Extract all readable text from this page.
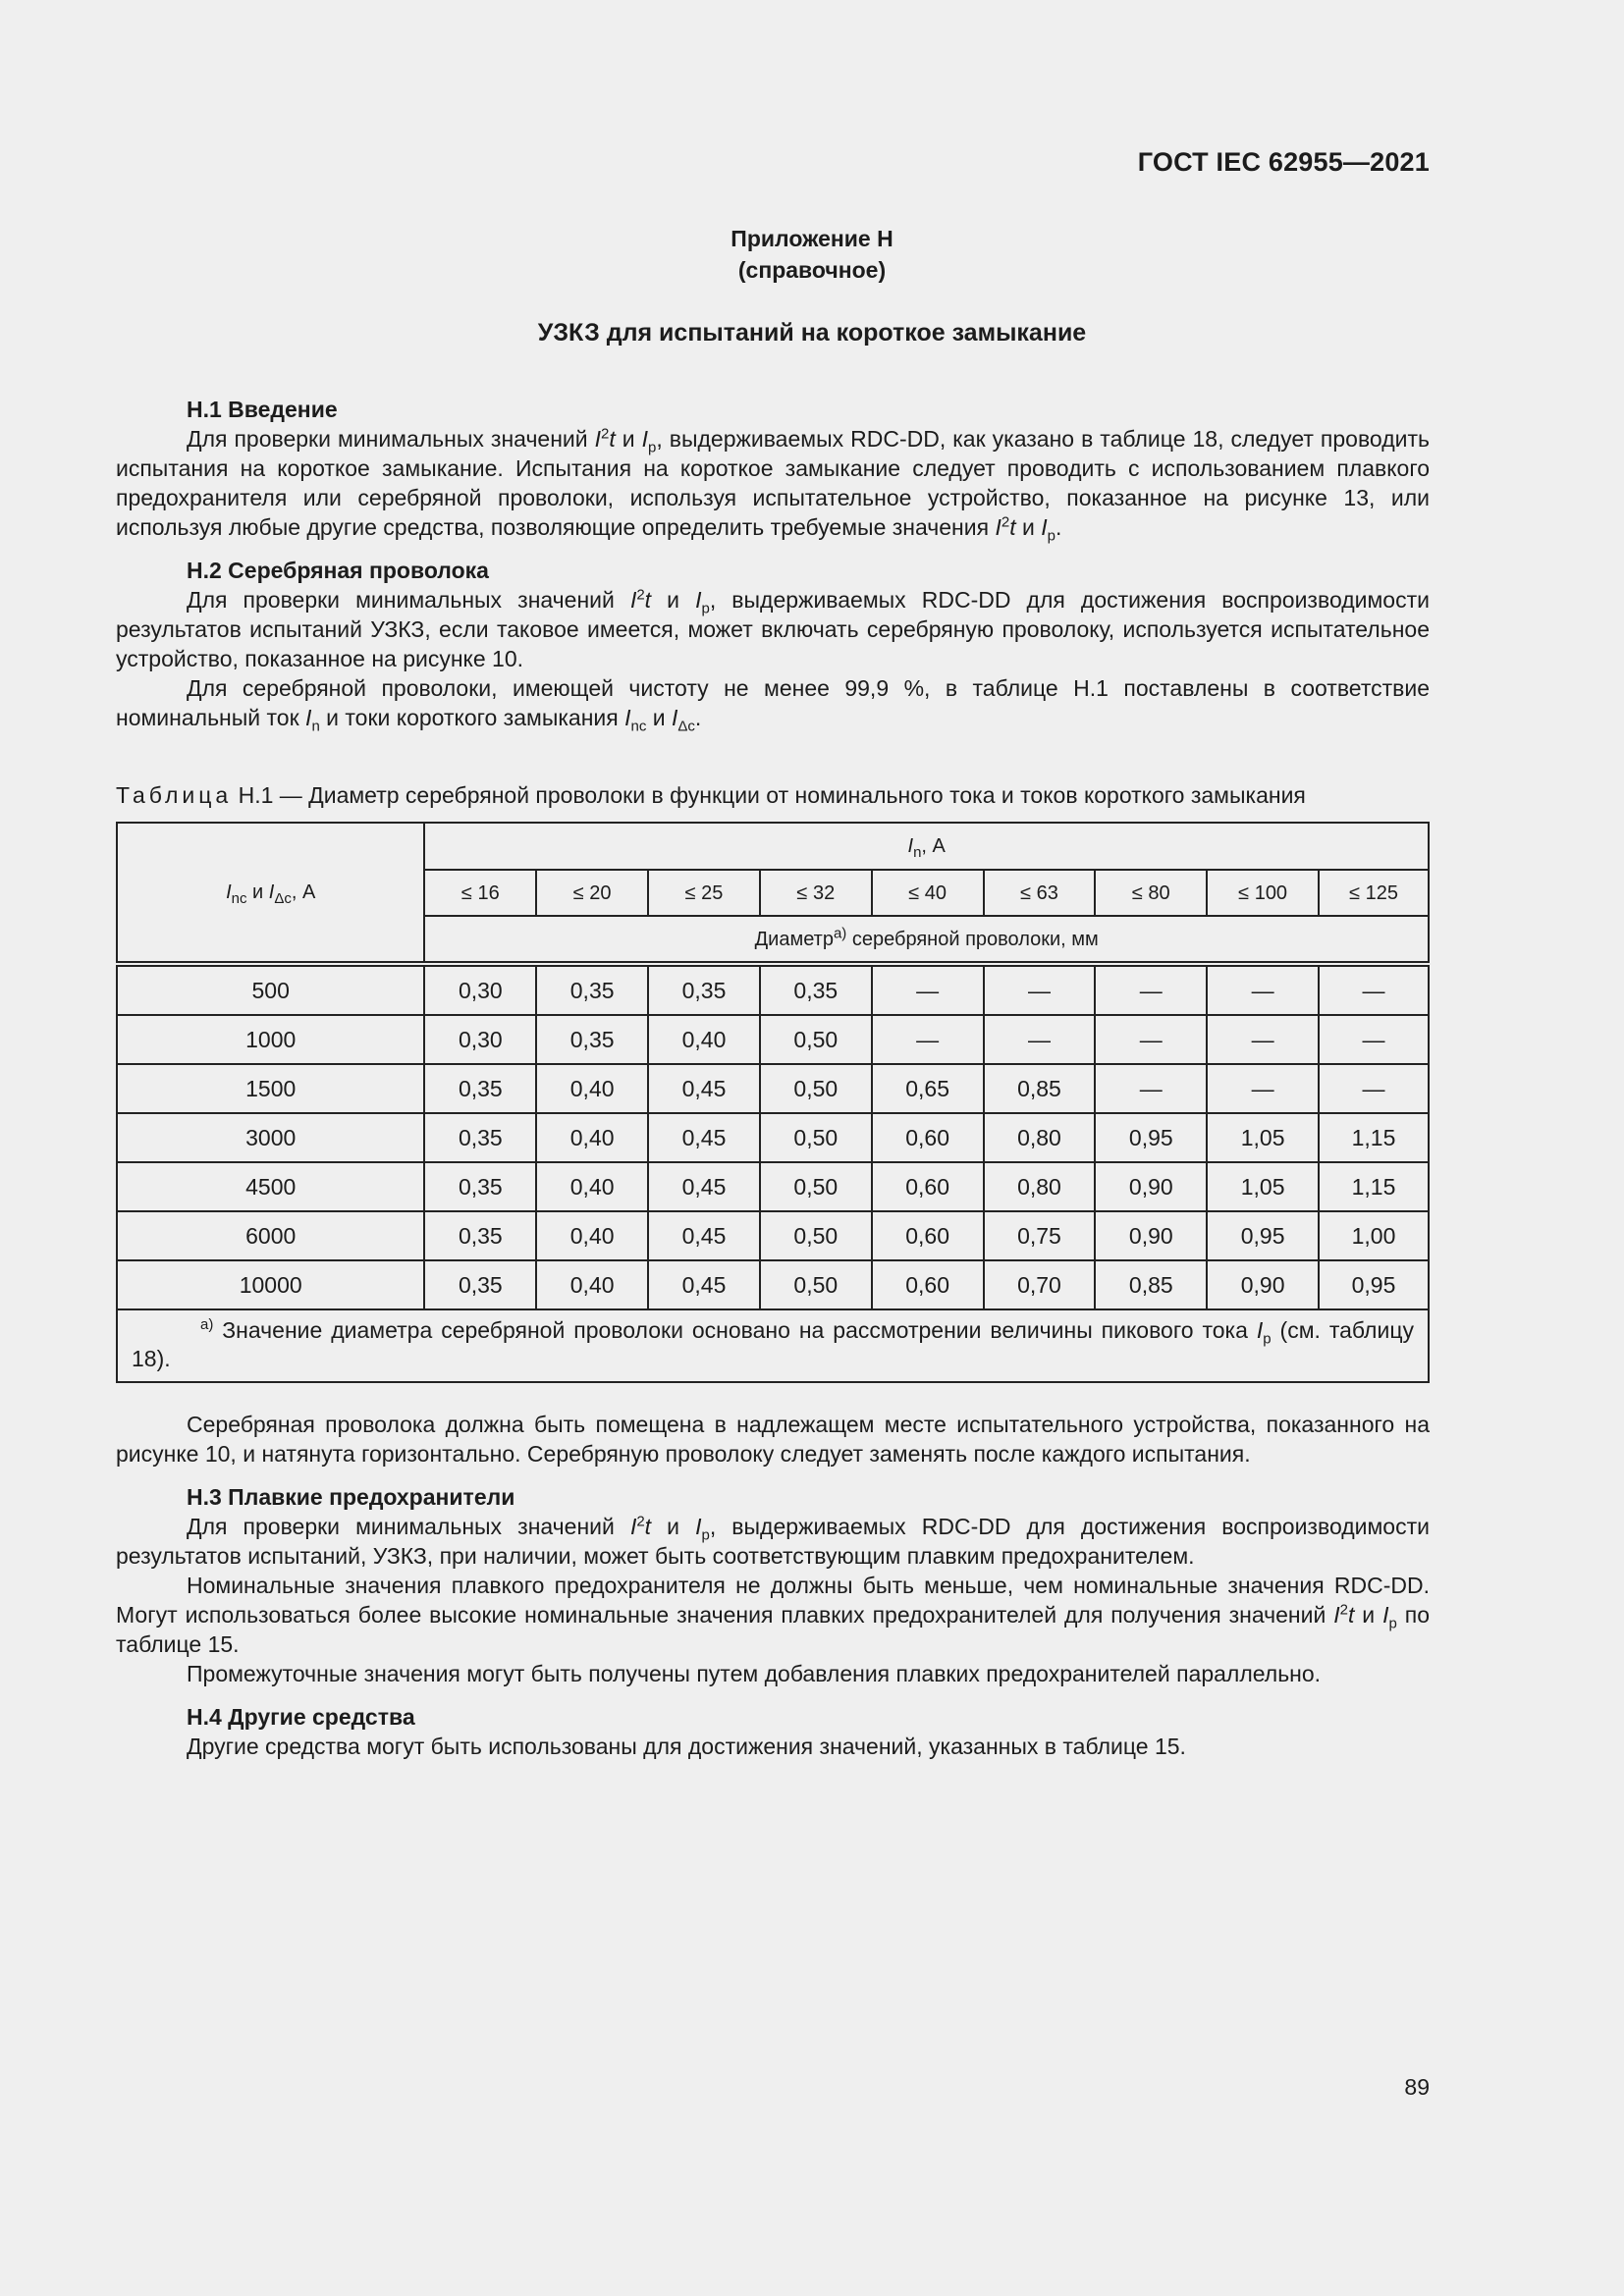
ГОСТ IEC 62955—2021
Приложение H
(справочное)
УЗКЗ для испытаний на короткое замыкание
H.1 Введение

Для проверки минимальных значений $I^2t$ и $I_p$, выдерживаемых RDC-DD, как указано в таблице 18, следует проводить испытания на короткое замыкание. Испытания на короткое замыкание следует проводить с использованием плавкого предохранителя или серебряной проволоки, используя испытательное устройство, показанное на рисунке 13, или используя любые другие средства, позволяющие определить требуемые значения $I^2t$ и $I_p$.

H.2 Серебряная проволока

Для проверки минимальных значений $I^2t$ и $I_p$, выдерживаемых RDC-DD для достижения воспроизводимости результатов испытаний УЗКЗ, если таковое имеется, может включать серебряную проволоку, используется испытательное устройство, показанное на рисунке 10.

Для серебряной проволоки, имеющей чистоту не менее 99,9 %, в таблице H.1 поставлены в соответствие номинальный ток $I_n$ и токи короткого замыкания $I_{nc}$ и $I_{\Delta c}$.

Таблица H.1 — Диаметр серебряной проволоки в функции от номинального тока и токов короткого замыкания
$I_{nc}$ и $I_{\Delta c}$, А	$I_n$, А								
	≤ 16	≤ 20	≤ 25	≤ 32	≤ 40	≤ 63	≤ 80	≤ 100	≤ 125
	Диаметр$^{а)}$ серебряной проволоки, мм								
500	0,30	0,35	0,35	0,35	—	—	—	—	—
1000	0,30	0,35	0,40	0,50	—	—	—	—	—
1500	0,35	0,40	0,45	0,50	0,65	0,85	—	—	—
3000	0,35	0,40	0,45	0,50	0,60	0,80	0,95	1,05	1,15
4500	0,35	0,40	0,45	0,50	0,60	0,80	0,90	1,05	1,15
6000	0,35	0,40	0,45	0,50	0,60	0,75	0,90	0,95	1,00
10000	0,35	0,40	0,45	0,50	0,60	0,70	0,85	0,90	0,95
$^{а)}$ Значение диаметра серебряной проволоки основано на рассмотрении величины пикового тока $I_p$ (см. таблицу 18).									

Серебряная проволока должна быть помещена в надлежащем месте испытательного устройства, показанного на рисунке 10, и натянута горизонтально. Серебряную проволоку следует заменять после каждого испытания.

H.3 Плавкие предохранители

Для проверки минимальных значений $I^2t$ и $I_p$, выдерживаемых RDC-DD для достижения воспроизводимости результатов испытаний, УЗКЗ, при наличии, может быть соответствующим плавким предохранителем.

Номинальные значения плавкого предохранителя не должны быть меньше, чем номинальные значения RDC-DD. Могут использоваться более высокие номинальные значения плавких предохранителей для получения значений $I^2t$ и $I_p$ по таблице 15.

Промежуточные значения могут быть получены путем добавления плавких предохранителей параллельно.

H.4 Другие средства

Другие средства могут быть использованы для достижения значений, указанных в таблице 15.

89
